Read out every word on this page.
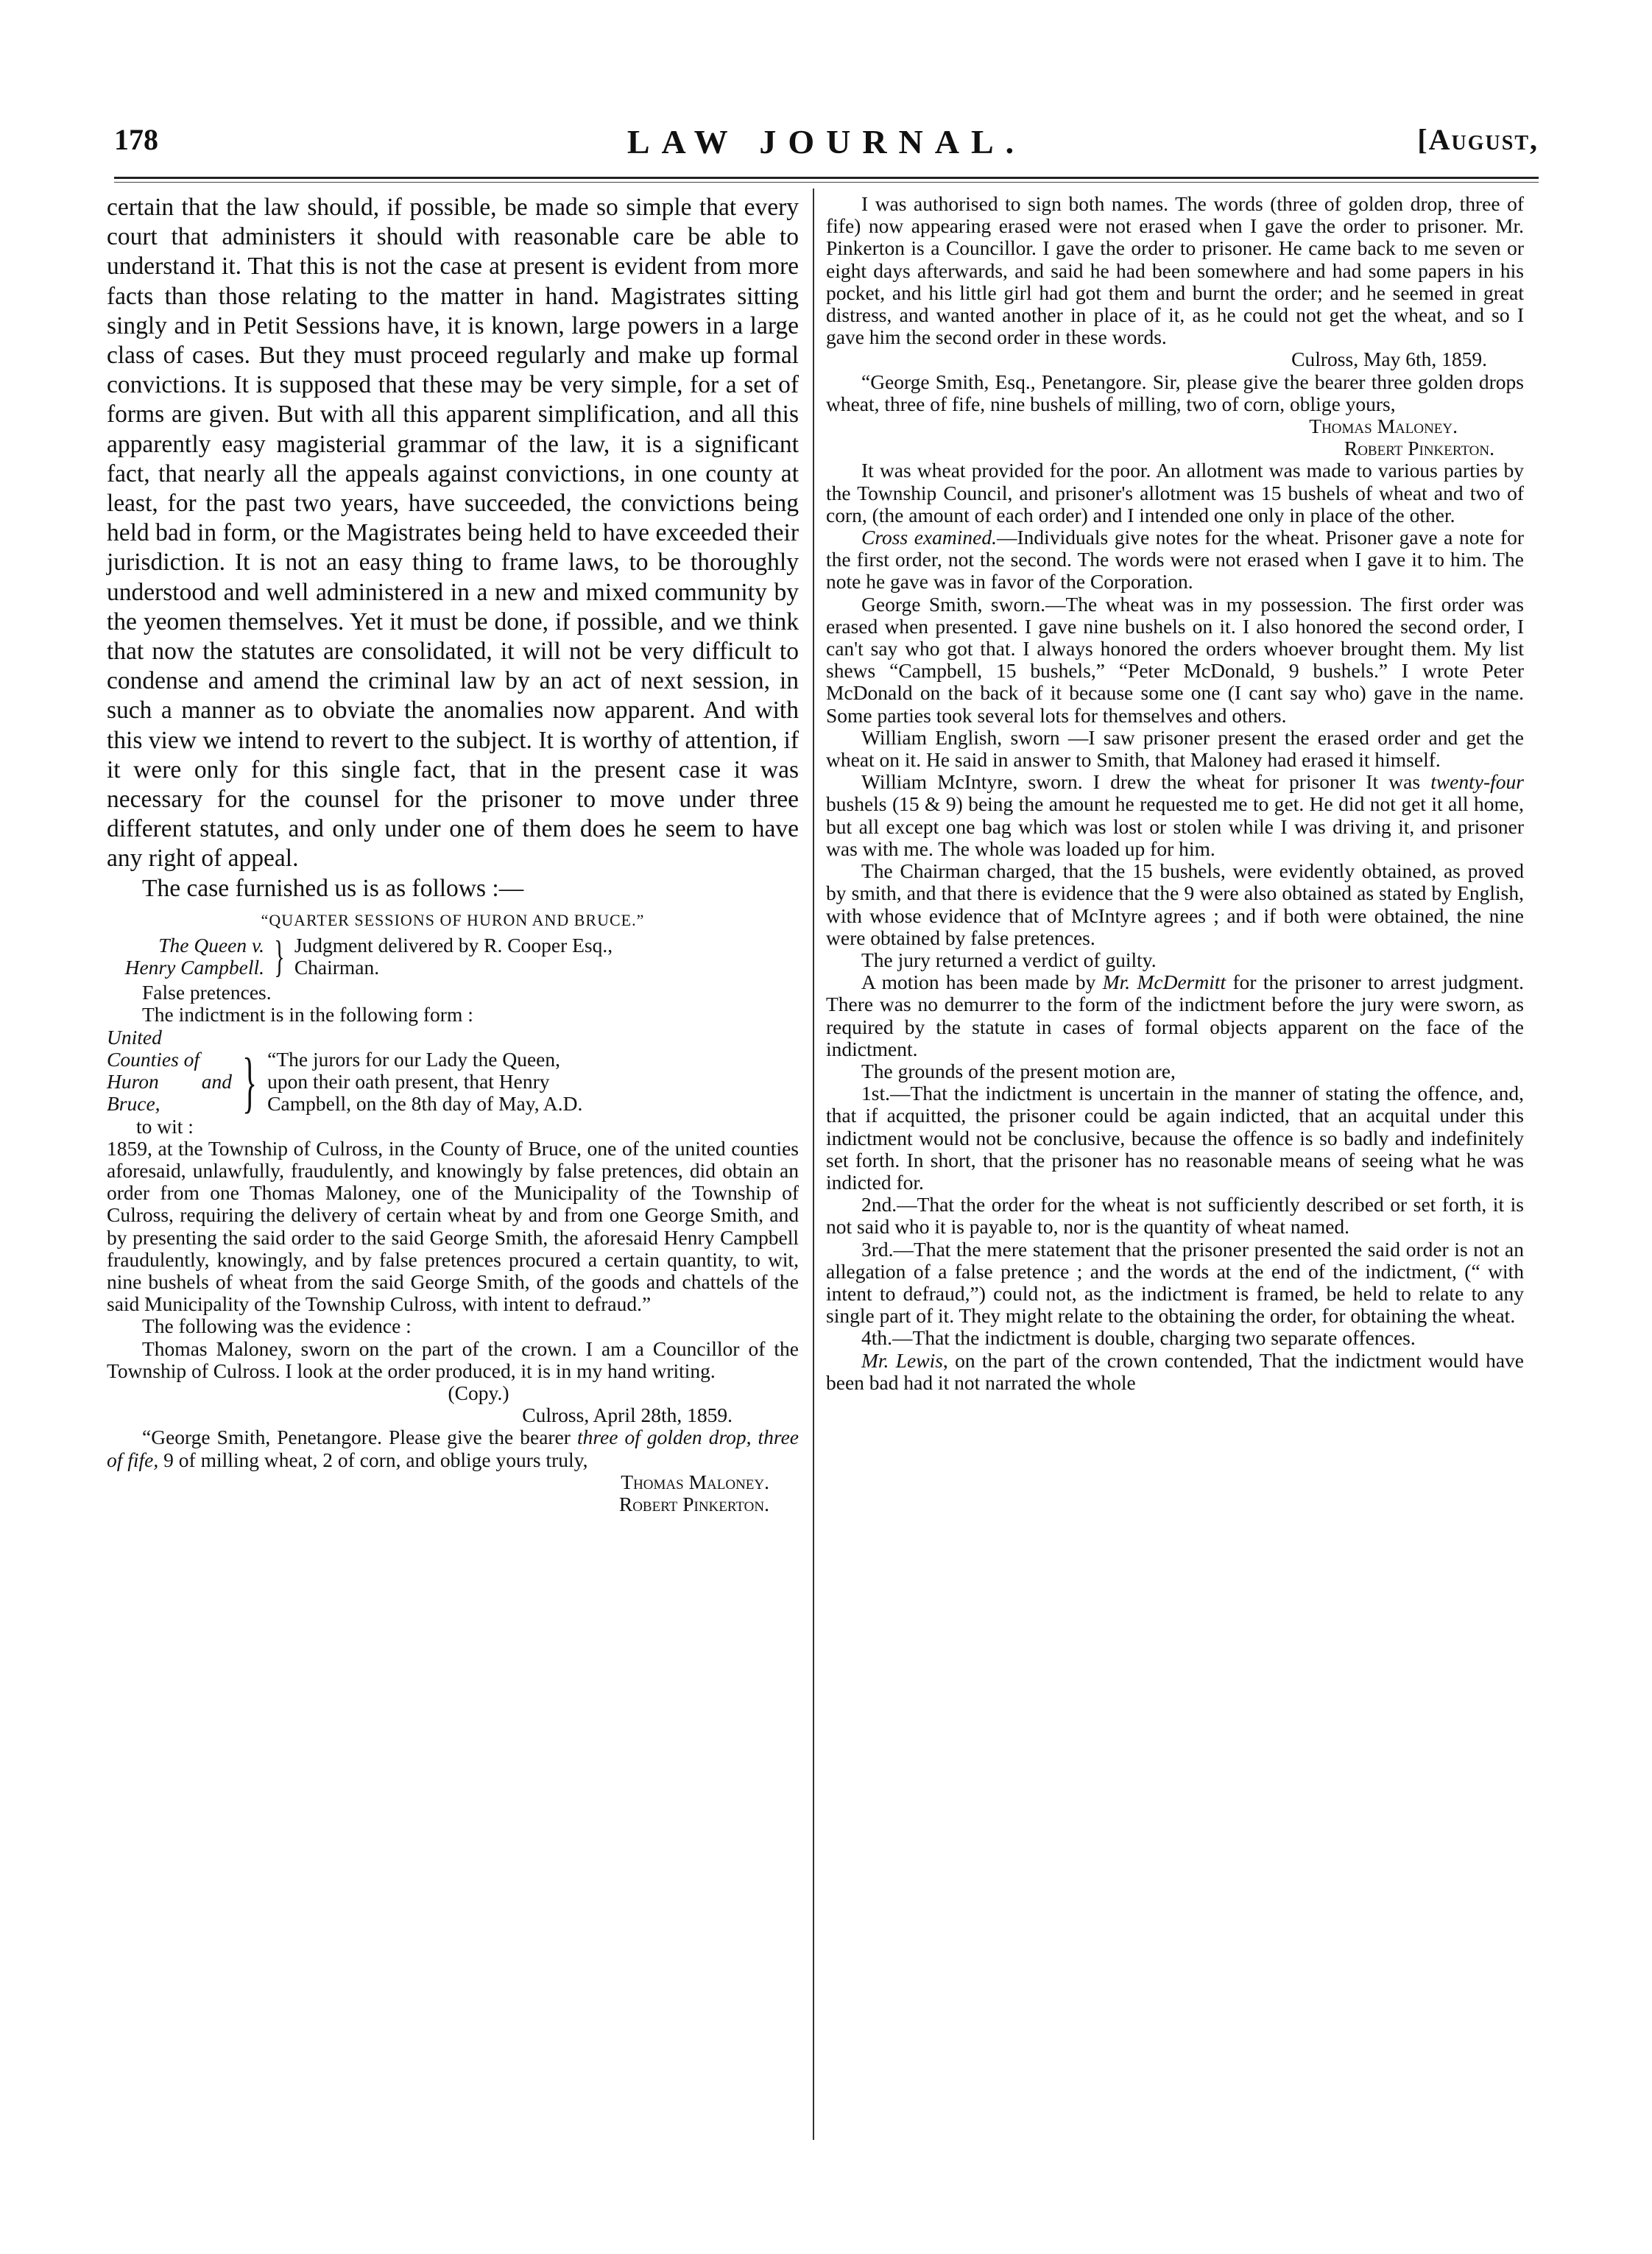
178	LAW JOURNAL.	[August,

certain that the law should, if possible, be made so simple that every court that administers it should with reasonable care be able to understand it. That this is not the case at present is evident from more facts than those relating to the matter in hand. Magistrates sitting singly and in Petit Sessions have, it is known, large powers in a large class of cases. But they must proceed regularly and make up formal convictions. It is supposed that these may be very simple, for a set of forms are given. But with all this apparent simplification, and all this apparently easy magisterial grammar of the law, it is a significant fact, that nearly all the appeals against convictions, in one county at least, for the past two years, have succeeded, the convictions being held bad in form, or the Magistrates being held to have exceeded their jurisdiction. It is not an easy thing to frame laws, to be thoroughly understood and well administered in a new and mixed community by the yeomen themselves. Yet it must be done, if possible, and we think that now the statutes are consolidated, it will not be very difficult to condense and amend the criminal law by an act of next session, in such a manner as to obviate the anomalies now apparent. And with this view we intend to revert to the subject. It is worthy of attention, if it were only for this single fact, that in the present case it was necessary for the counsel for the prisoner to move under three different statutes, and only under one of them does he seem to have any right of appeal.

The case furnished us is as follows :—

“QUARTER SESSIONS OF HURON AND BRUCE.”
The Queen v.
Henry Campbell. } Judgment delivered by R. Cooper Esq.,
Chairman.

False pretences.

The indictment is in the following form :

United Counties of
Huron and Bruce,
to wit :
} “The jurors for our Lady the Queen,
upon their oath present, that Henry
Campbell, on the 8th day of May, A.D.

1859, at the Township of Culross, in the County of Bruce, one of the united counties aforesaid, unlawfully, fraudulently, and knowingly by false pretences, did obtain an order from one Thomas Maloney, one of the Municipality of the Township of Culross, requiring the delivery of certain wheat by and from one George Smith, and by presenting the said order to the said George Smith, the aforesaid Henry Campbell fraudulently, knowingly, and by false pretences procured a certain quantity, to wit, nine bushels of wheat from the said George Smith, of the goods and chattels of the said Municipality of the Township Culross, with intent to defraud.”

The following was the evidence :

Thomas Maloney, sworn on the part of the crown. I am a Councillor of the Township of Culross. I look at the order produced, it is in my hand writing.

(Copy.)

Culross, April 28th, 1859.

“George Smith, Penetangore. Please give the bearer three of golden drop, three of fife, 9 of milling wheat, 2 of corn, and oblige yours truly,

Thomas Maloney.

Robert Pinkerton.

I was authorised to sign both names. The words (three of golden drop, three of fife) now appearing erased were not erased when I gave the order to prisoner. Mr. Pinkerton is a Councillor. I gave the order to prisoner. He came back to me seven or eight days afterwards, and said he had been somewhere and had some papers in his pocket, and his little girl had got them and burnt the order; and he seemed in great distress, and wanted another in place of it, as he could not get the wheat, and so I gave him the second order in these words.

Culross, May 6th, 1859.

“George Smith, Esq., Penetangore. Sir, please give the bearer three golden drops wheat, three of fife, nine bushels of milling, two of corn, oblige yours,

Thomas Maloney.

Robert Pinkerton.

It was wheat provided for the poor. An allotment was made to various parties by the Township Council, and prisoner's allotment was 15 bushels of wheat and two of corn, (the amount of each order) and I intended one only in place of the other.

Cross examined.—Individuals give notes for the wheat. Prisoner gave a note for the first order, not the second. The words were not erased when I gave it to him. The note he gave was in favor of the Corporation.

George Smith, sworn.—The wheat was in my possession. The first order was erased when presented. I gave nine bushels on it. I also honored the second order, I can't say who got that. I always honored the orders whoever brought them. My list shews “Campbell, 15 bushels,” “Peter McDonald, 9 bushels.” I wrote Peter McDonald on the back of it because some one (I cant say who) gave in the name. Some parties took several lots for themselves and others.

William English, sworn —I saw prisoner present the erased order and get the wheat on it. He said in answer to Smith, that Maloney had erased it himself.

William McIntyre, sworn. I drew the wheat for prisoner It was twenty-four bushels (15 & 9) being the amount he requested me to get. He did not get it all home, but all except one bag which was lost or stolen while I was driving it, and prisoner was with me. The whole was loaded up for him.

The Chairman charged, that the 15 bushels, were evidently obtained, as proved by smith, and that there is evidence that the 9 were also obtained as stated by English, with whose evidence that of McIntyre agrees ; and if both were obtained, the nine were obtained by false pretences.

The jury returned a verdict of guilty.

A motion has been made by Mr. McDermitt for the prisoner to arrest judgment. There was no demurrer to the form of the indictment before the jury were sworn, as required by the statute in cases of formal objects apparent on the face of the indictment.

The grounds of the present motion are,

1st.—That the indictment is uncertain in the manner of stating the offence, and, that if acquitted, the prisoner could be again indicted, that an acquital under this indictment would not be conclusive, because the offence is so badly and indefinitely set forth. In short, that the prisoner has no reasonable means of seeing what he was indicted for.

2nd.—That the order for the wheat is not sufficiently described or set forth, it is not said who it is payable to, nor is the quantity of wheat named.

3rd.—That the mere statement that the prisoner presented the said order is not an allegation of a false pretence ; and the words at the end of the indictment, (“ with intent to defraud,”) could not, as the indictment is framed, be held to relate to any single part of it. They might relate to the obtaining the order, for obtaining the wheat.

4th.—That the indictment is double, charging two separate offences.

Mr. Lewis, on the part of the crown contended, That the indictment would have been bad had it not narrated the whole
